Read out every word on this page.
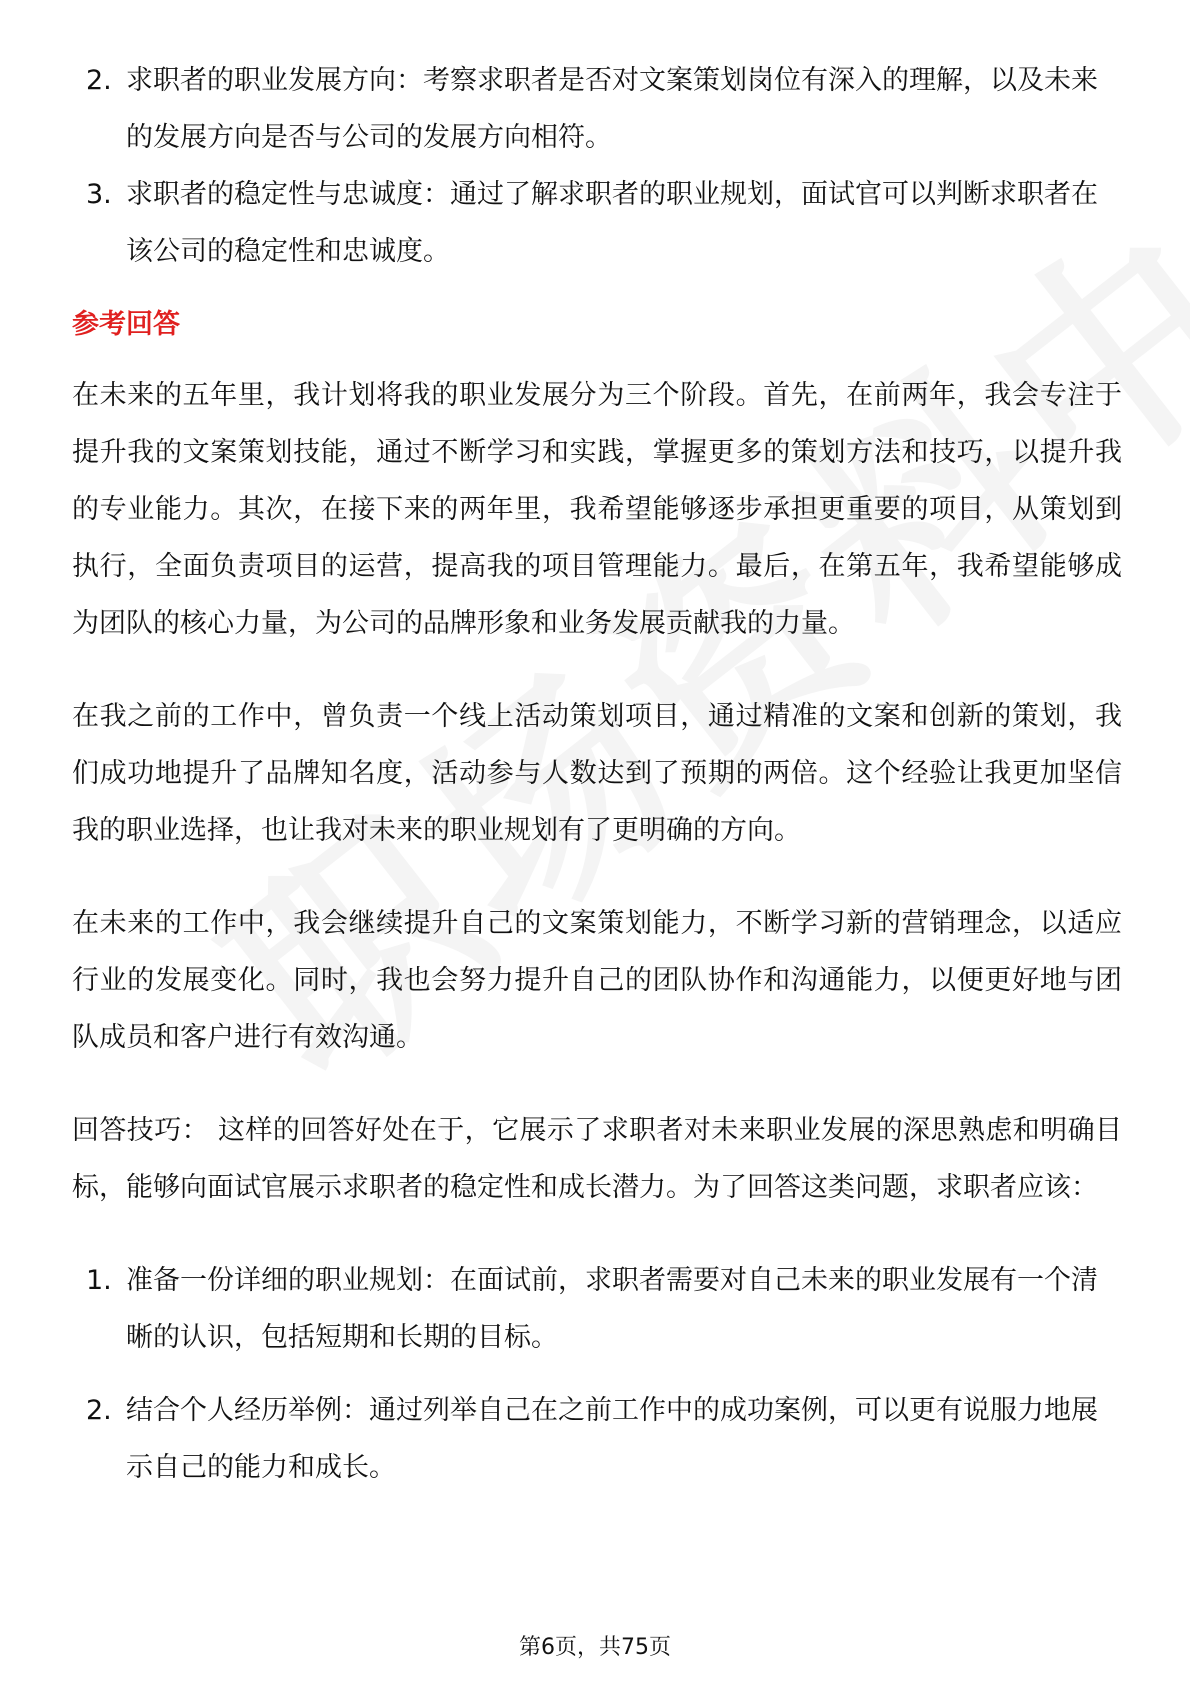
2. 求职者的职业发展方向：考察求职者是否对文案策划岗位有深入的理解，以及未来的发展方向是否与公司的发展方向相符。
3. 求职者的稳定性与忠诚度：通过了解求职者的职业规划，面试官可以判断求职者在该公司的稳定性和忠诚度。
参考回答

在未来的五年里，我计划将我的职业发展分为三个阶段。首先，在前两年，我会专注于提升我的文案策划技能，通过不断学习和实践，掌握更多的策划方法和技巧，以提升我的专业能力。其次，在接下来的两年里，我希望能够逐步承担更重要的项目，从策划到执行，全面负责项目的运营，提高我的项目管理能力。最后，在第五年，我希望能够成为团队的核心力量，为公司的品牌形象和业务发展贡献我的力量。

在我之前的工作中，曾负责一个线上活动策划项目，通过精准的文案和创新的策划，我们成功地提升了品牌知名度，活动参与人数达到了预期的两倍。这个经验让我更加坚信我的职业选择，也让我对未来的职业规划有了更明确的方向。

在未来的工作中，我会继续提升自己的文案策划能力，不断学习新的营销理念，以适应行业的发展变化。同时，我也会努力提升自己的团队协作和沟通能力，以便更好地与团队成员和客户进行有效沟通。

回答技巧： 这样的回答好处在于，它展示了求职者对未来职业发展的深思熟虑和明确目标，能够向面试官展示求职者的稳定性和成长潜力。为了回答这类问题，求职者应该：

1. 准备一份详细的职业规划：在面试前，求职者需要对自己未来的职业发展有一个清晰的认识，包括短期和长期的目标。
2. 结合个人经历举例：通过列举自己在之前工作中的成功案例，可以更有说服力地展示自己的能力和成长。
第6页，共75页
